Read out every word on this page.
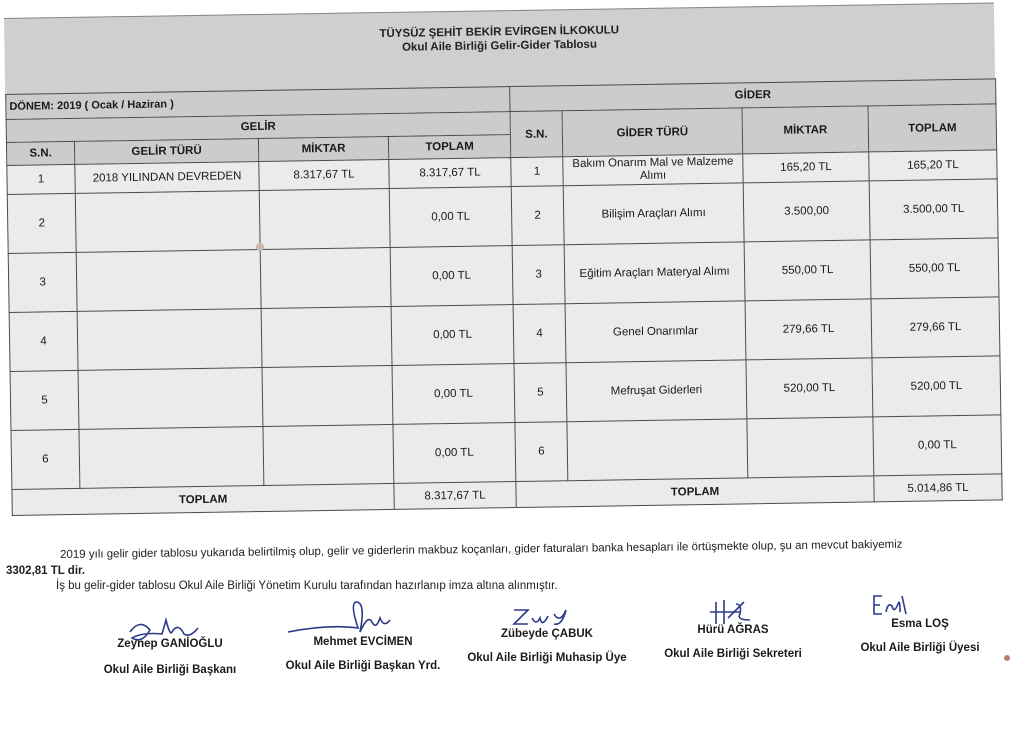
TÜYSÜZ ŞEHİT BEKİR EVİRGEN İLKOKULU
Okul Aile Birliği Gelir-Gider Tablosu
DÖNEM: 2019 ( Ocak / Haziran )				GİDER			
GELİR				S.N.	GİDER TÜRÜ	MİKTAR	TOPLAM
S.N.	GELİR TÜRÜ	MİKTAR	TOPLAM				
1	2018 YILINDAN DEVREDEN	8.317,67 TL	8.317,67 TL	1	Bakım Onarım Mal ve Malzeme Alımı	165,20 TL	165,20 TL
2			0,00 TL	2	Bilişim Araçları Alımı	3.500,00	3.500,00 TL
3			0,00 TL	3	Eğitim Araçları Materyal Alımı	550,00 TL	550,00 TL
4			0,00 TL	4	Genel Onarımlar	279,66 TL	279,66 TL
5			0,00 TL	5	Mefruşat Giderleri	520,00 TL	520,00 TL
6			0,00 TL	6			0,00 TL
TOPLAM			8.317,67 TL	TOPLAM			5.014,86 TL
2019 yılı gelir gider tablosu yukarıda belirtilmiş olup, gelir ve giderlerin makbuz koçanları, gider faturaları banka hesapları ile örtüşmekte olup, şu an mevcut bakiyemiz
3302,81 TL dir.
İş bu gelir-gider tablosu Okul Aile Birliği Yönetim Kurulu tarafından hazırlanıp imza altına alınmıştır.
Zeynep GANİOĞLU
Okul Aile Birliği Başkanı
Mehmet EVCİMEN
Okul Aile Birliği Başkan Yrd.
Zübeyde ÇABUK
Okul Aile Birliği Muhasip Üye
Hürü AĞRAS
Okul Aile Birliği Sekreteri
Esma LOŞ
Okul Aile Birliği Üyesi
